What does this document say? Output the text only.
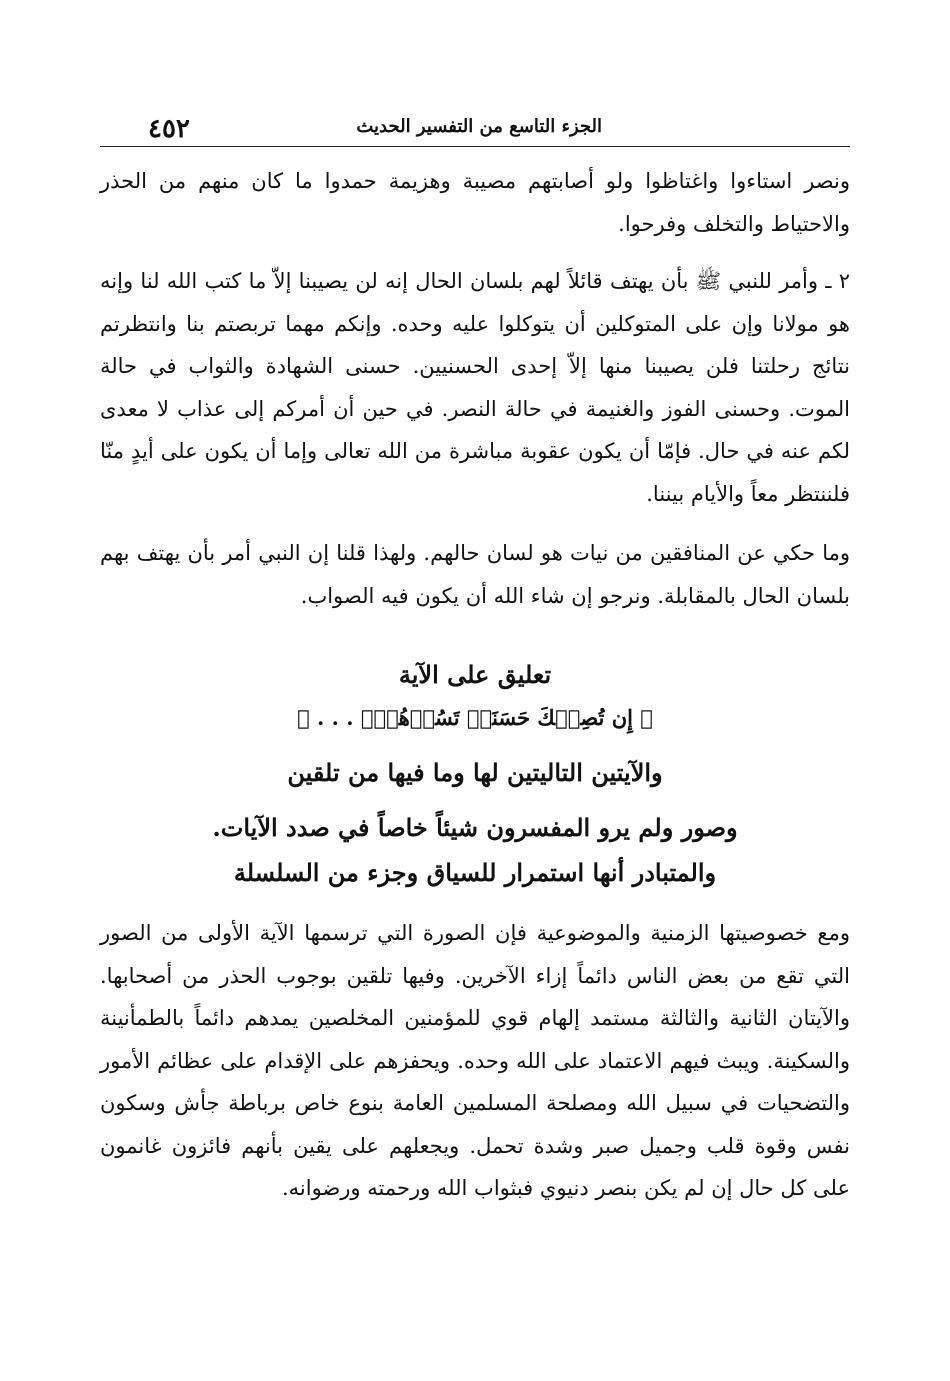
٤٥٢	الجزء التاسع من التفسير الحديث

ونصر استاءوا واغتاظوا ولو أصابتهم مصيبة وهزيمة حمدوا ما كان منهم من الحذر والاحتياط والتخلف وفرحوا.

٢ ـ وأمر للنبي ﷺ بأن يهتف قائلاً لهم بلسان الحال إنه لن يصيبنا إلاّ ما كتب الله لنا وإنه هو مولانا وإن على المتوكلين أن يتوكلوا عليه وحده. وإنكم مهما تربصتم بنا وانتظرتم نتائج رحلتنا فلن يصيبنا منها إلاّ إحدى الحسنيين. حسنى الشهادة والثواب في حالة الموت. وحسنى الفوز والغنيمة في حالة النصر. في حين أن أمركم إلى عذاب لا معدى لكم عنه في حال. فإمّا أن يكون عقوبة مباشرة من الله تعالى وإما أن يكون على أيدٍ منّا فلننتظر معاً والأيام بيننا.

وما حكي عن المنافقين من نيات هو لسان حالهم. ولهذا قلنا إن النبي أمر بأن يهتف بهم بلسان الحال بالمقابلة. ونرجو إن شاء الله أن يكون فيه الصواب.

تعليق على الآية
﴿ إِن تُصِبۡكَ حَسَنَةٞ تَسُؤۡهُمۡۖ . . . ﴾
والآيتين التاليتين لها وما فيها من تلقين
وصور ولم يرو المفسرون شيئاً خاصاً في صدد الآيات.
والمتبادر أنها استمرار للسياق وجزء من السلسلة

ومع خصوصيتها الزمنية والموضوعية فإن الصورة التي ترسمها الآية الأولى من الصور التي تقع من بعض الناس دائماً إزاء الآخرين. وفيها تلقين بوجوب الحذر من أصحابها. والآيتان الثانية والثالثة مستمد إلهام قوي للمؤمنين المخلصين يمدهم دائماً بالطمأنينة والسكينة. ويبث فيهم الاعتماد على الله وحده. ويحفزهم على الإقدام على عظائم الأمور والتضحيات في سبيل الله ومصلحة المسلمين العامة بنوع خاص برباطة جأش وسكون نفس وقوة قلب وجميل صبر وشدة تحمل. ويجعلهم على يقين بأنهم فائزون غانمون على كل حال إن لم يكن بنصر دنيوي فبثواب الله ورحمته ورضوانه.
